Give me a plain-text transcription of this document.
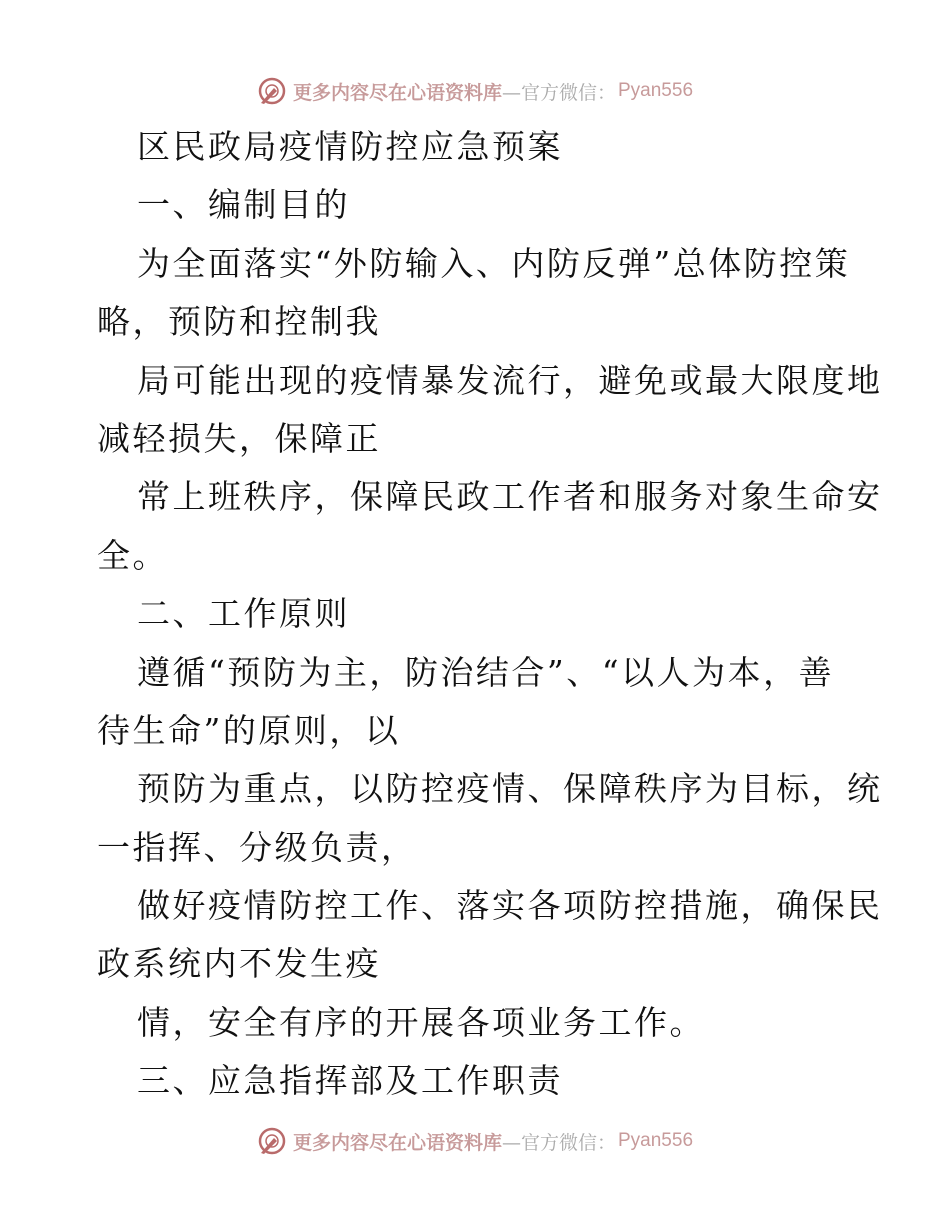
更多内容尽在心语资料库 —官方微信： Pyan556
区民政局疫情防控应急预案
一、编制目的
为全面落实“外防输入、内防反弹”总体防控策
略，预防和控制我
局可能出现的疫情暴发流行，避免或最大限度地
减轻损失，保障正
常上班秩序，保障民政工作者和服务对象生命安
全。
二、工作原则
遵循“预防为主，防治结合”、“以人为本，善
待生命”的原则，以
预防为重点，以防控疫情、保障秩序为目标，统
一指挥、分级负责，
做好疫情防控工作、落实各项防控措施，确保民
政系统内不发生疫
情，安全有序的开展各项业务工作。
三、应急指挥部及工作职责
更多内容尽在心语资料库 —官方微信： Pyan556
